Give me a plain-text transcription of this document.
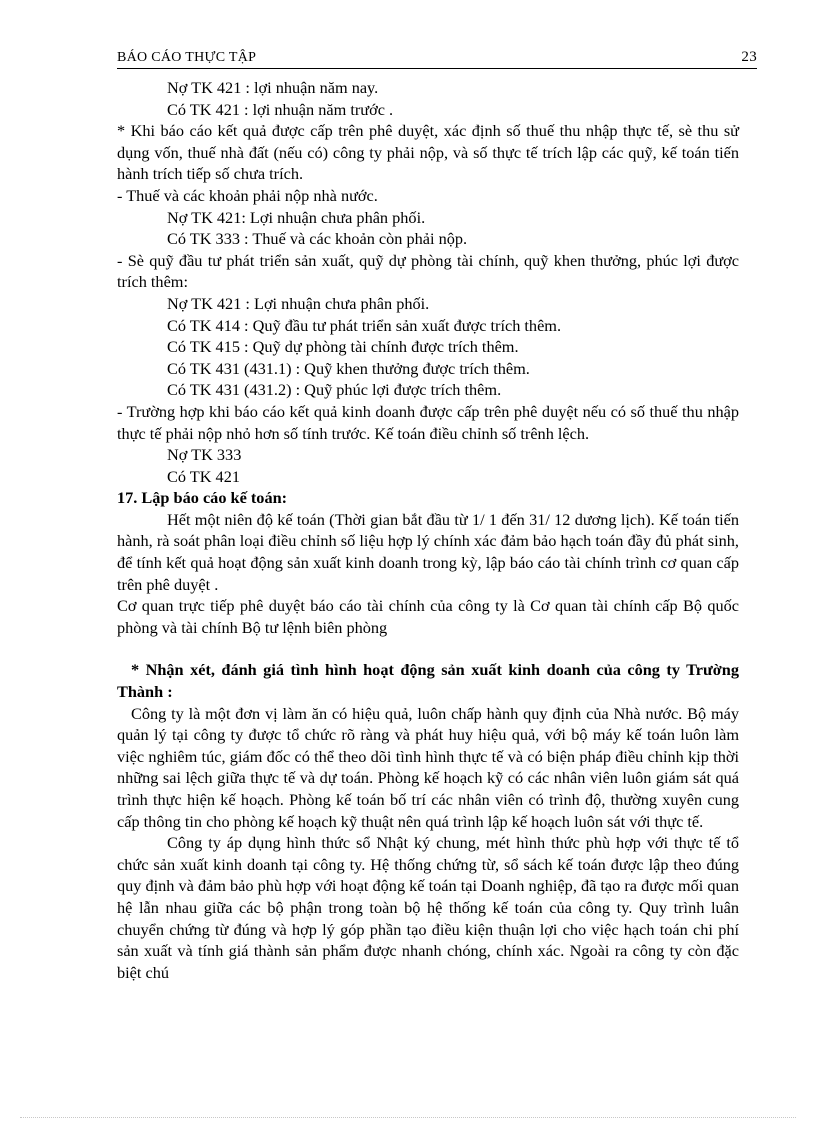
BÁO CÁO THỰC TẬP	23

Nợ TK 421 : lợi nhuận năm nay.

Có TK 421 : lợi nhuận năm trước .

* Khi báo cáo kết quả được cấp trên phê duyệt, xác định số thuế thu nhập thực tế, sè thu sử dụng vốn, thuế nhà đất (nếu có) công ty phải nộp, và số thực tế trích lập các quỹ, kế toán tiến hành trích tiếp số chưa trích.

- Thuế và các khoản phải nộp nhà nước.

Nợ TK 421: Lợi nhuận chưa phân phối.

Có TK 333 : Thuế và các khoản còn phải nộp.

- Sè quỹ đầu tư phát triển sản xuất, quỹ dự phòng tài chính, quỹ khen thưởng, phúc lợi được trích thêm:

Nợ TK 421 : Lợi nhuận chưa phân phối.

Có TK 414 : Quỹ đầu tư phát triển sản xuất được trích thêm.

Có TK 415 : Quỹ dự phòng tài chính được trích thêm.

Có TK 431 (431.1) : Quỹ khen thưởng được trích thêm.

Có TK 431 (431.2) : Quỹ phúc lợi được trích thêm.

- Trường hợp khi báo cáo kết quả kinh doanh được cấp trên phê duyệt nếu có số thuế thu nhập thực tế phải nộp nhỏ hơn số tính trước. Kế toán điều chỉnh số trênh lệch.

Nợ TK 333

Có TK 421

17. Lập báo cáo kế toán:

Hết một niên độ kế toán (Thời gian bắt đầu từ 1/ 1 đến 31/ 12 dương lịch). Kế toán tiến hành, rà soát phân loại điều chỉnh số liệu hợp lý chính xác đảm bảo hạch toán đầy đủ phát sinh, để tính kết quả hoạt động sản xuất kinh doanh trong kỳ, lập báo cáo tài chính trình cơ quan cấp trên phê duyệt .

Cơ quan trực tiếp phê duyệt báo cáo tài chính của công ty là Cơ quan tài chính cấp Bộ quốc phòng và tài chính Bộ tư lệnh biên phòng

* Nhận xét, đánh giá tình hình hoạt động sản xuất kinh doanh của công ty Trường Thành :

Công ty là một đơn vị làm ăn có hiệu quả, luôn chấp hành quy định của Nhà nước. Bộ máy quản lý tại công ty được tổ chức rõ ràng và phát huy hiệu quả, với bộ máy kế toán luôn làm việc nghiêm túc, giám đốc có thể theo dõi tình hình thực tế và có biện pháp điều chỉnh kịp thời những sai lệch giữa thực tế và dự toán. Phòng kế hoạch kỹ có các nhân viên luôn giám sát quá trình thực hiện kế hoạch. Phòng kế toán bố trí các nhân viên có trình độ, thường xuyên cung cấp thông tin cho phòng kế hoạch kỹ thuật nên quá trình lập kế hoạch luôn sát với thực tế.

Công ty áp dụng hình thức sổ Nhật ký chung, mét hình thức phù hợp với thực tế tổ chức sản xuất kinh doanh tại công ty. Hệ thống chứng từ, sổ sách kế toán được lập theo đúng quy định và đảm bảo phù hợp với hoạt động kế toán tại Doanh nghiệp, đã tạo ra được mối quan hệ lẫn nhau giữa các bộ phận trong toàn bộ hệ thống kế toán của công ty. Quy trình luân chuyển chứng từ đúng và hợp lý góp phần tạo điều kiện thuận lợi cho việc hạch toán chi phí sản xuất và tính giá thành sản phẩm được nhanh chóng, chính xác. Ngoài ra công ty còn đặc biệt chú
